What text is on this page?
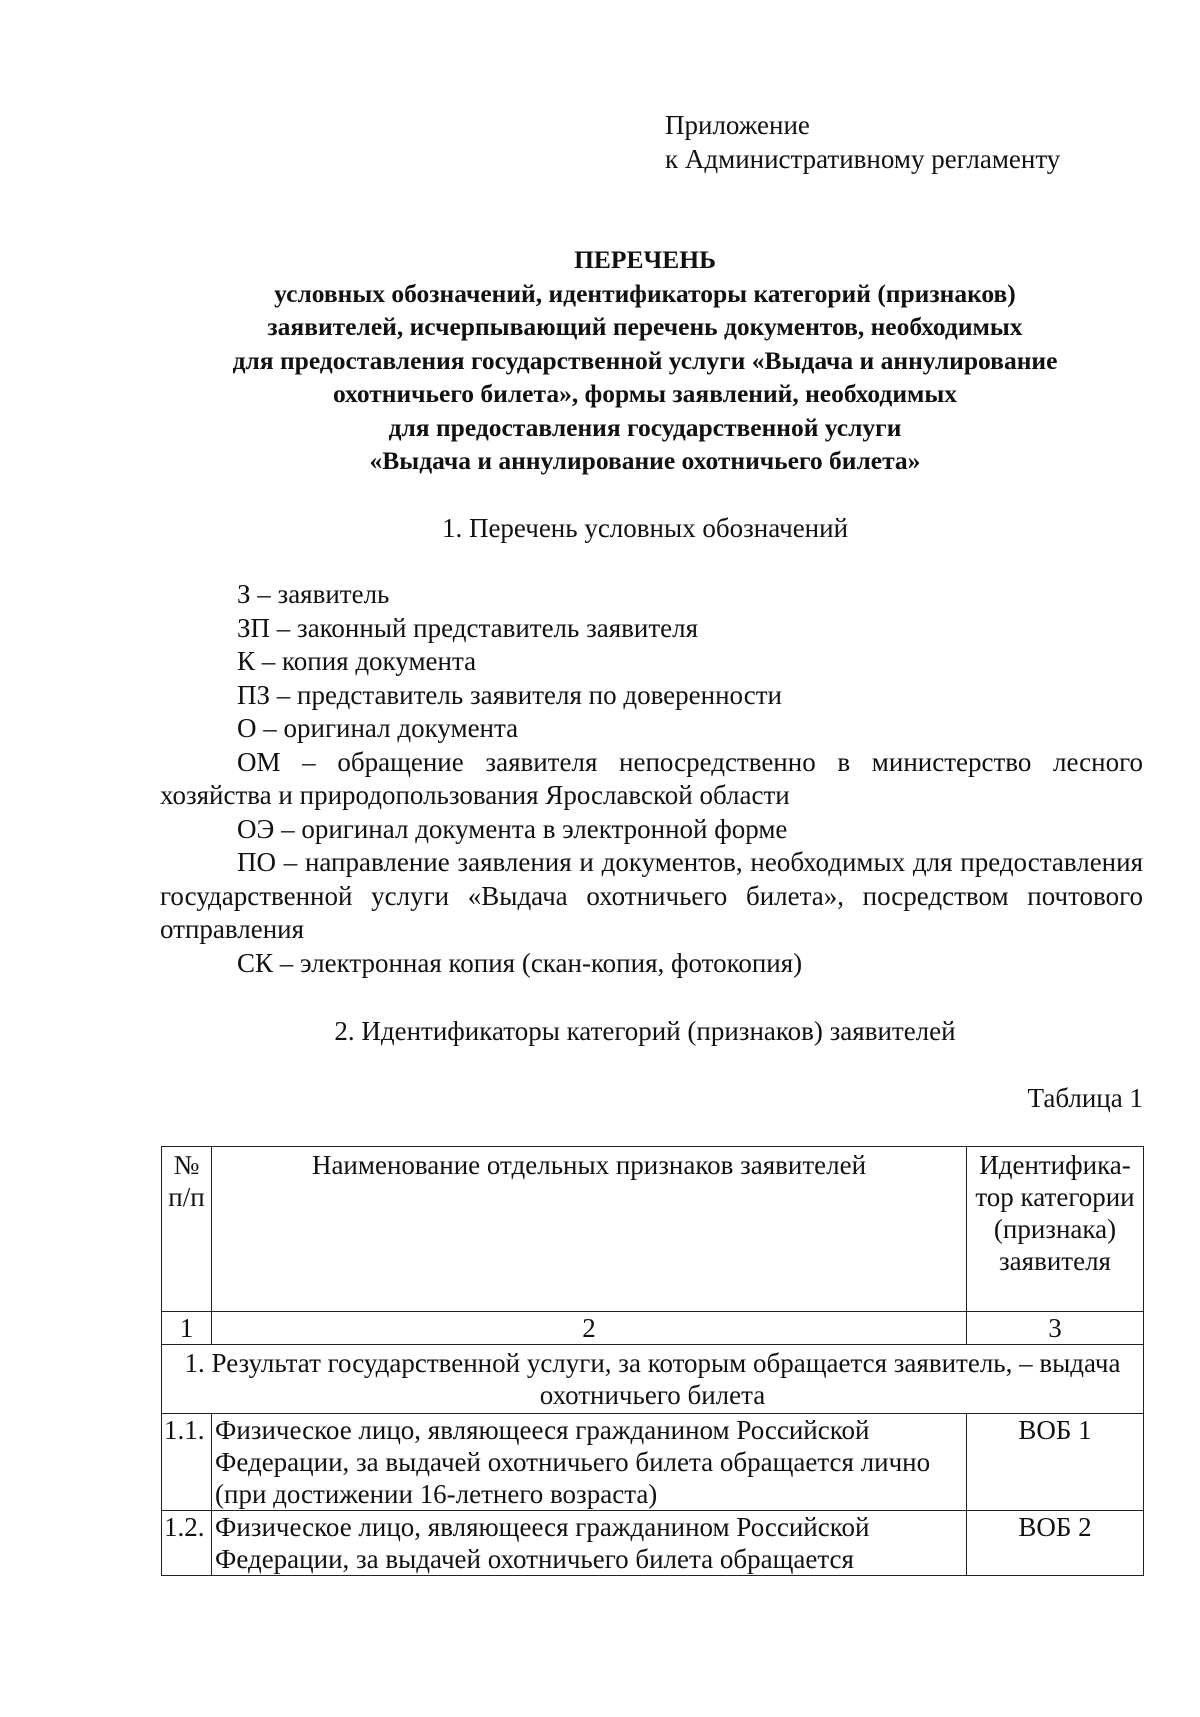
Приложение
к Административному регламенту
ПЕРЕЧЕНЬ
условных обозначений, идентификаторы категорий (признаков)
заявителей, исчерпывающий перечень документов, необходимых
для предоставления государственной услуги «Выдача и аннулирование
охотничьего билета», формы заявлений, необходимых
для предоставления государственной услуги
«Выдача и аннулирование охотничьего билета»
1. Перечень условных обозначений

З – заявитель

ЗП – законный представитель заявителя

К – копия документа

ПЗ – представитель заявителя по доверенности

О – оригинал документа

ОМ – обращение заявителя непосредственно в министерство лесного хозяйства и природопользования Ярославской области

ОЭ – оригинал документа в электронной форме

ПО – направление заявления и документов, необходимых для предоставления государственной услуги «Выдача охотничьего билета», посредством почтового отправления

СК – электронная копия (скан-копия, фотокопия)

2. Идентификаторы категорий (признаков) заявителей
Таблица 1
№ п/п	Наименование отдельных признаков заявителей	Идентифика-тор категории (признака) заявителя
1	2	3
1. Результат государственной услуги, за которым обращается заявитель, – выдача охотничьего билета		
1.1.	Физическое лицо, являющееся гражданином Российской Федерации, за выдачей охотничьего билета обращается лично (при достижении 16-летнего возраста)	ВОБ 1
1.2.	Физическое лицо, являющееся гражданином Российской Федерации, за выдачей охотничьего билета обращается	ВОБ 2
